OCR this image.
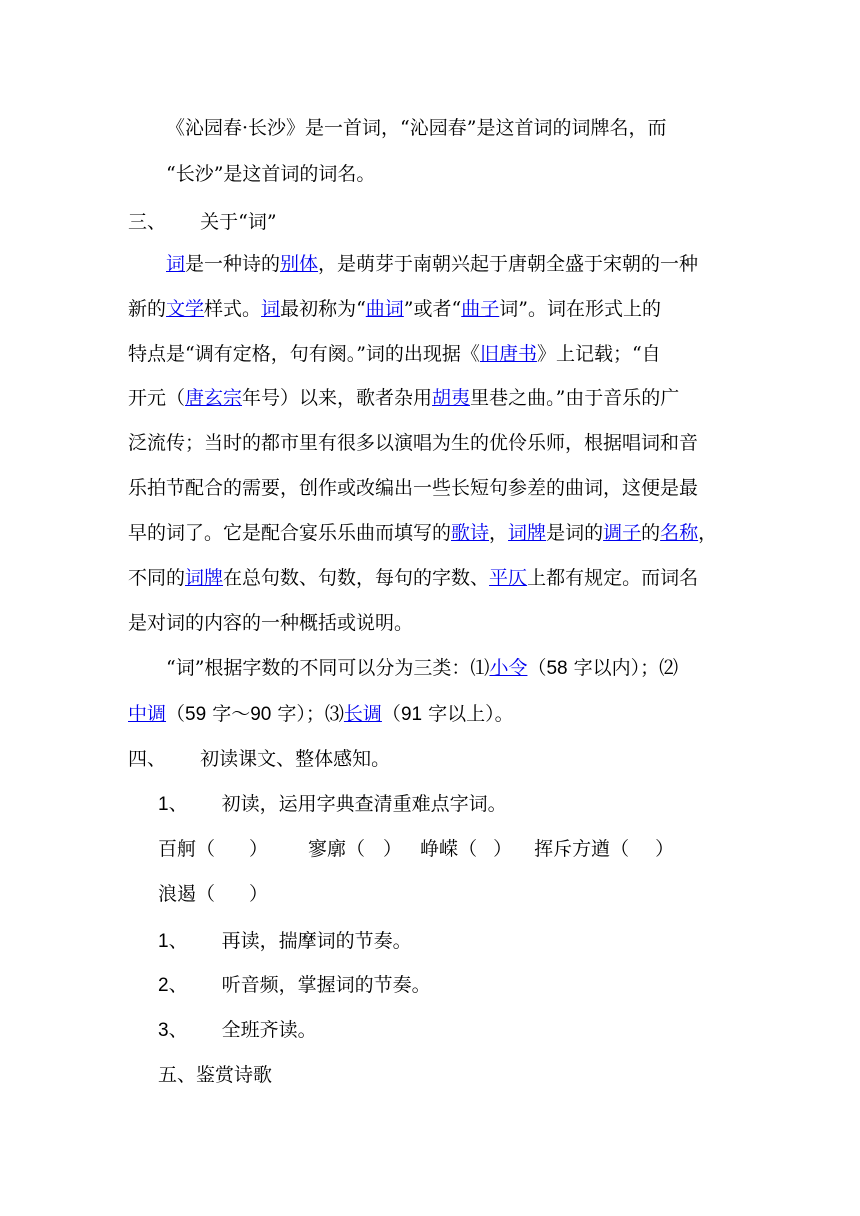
《沁园春·长沙》是一首词，“沁园春”是这首词的词牌名，而
“长沙”是这首词的词名。
三、 关于“词”
词是一种诗的别体，是萌芽于南朝兴起于唐朝全盛于宋朝的一种
新的文学样式。词最初称为“曲词”或者“曲子词”。词在形式上的
特点是“调有定格，句有阕。”词的出现据《旧唐书》上记载；“自
开元（唐玄宗年号）以来，歌者杂用胡夷里巷之曲。”由于音乐的广
泛流传；当时的都市里有很多以演唱为生的优伶乐师，根据唱词和音
乐拍节配合的需要，创作或改编出一些长短句参差的曲词，这便是最
早的词了。它是配合宴乐乐曲而填写的歌诗，词牌是词的调子的名称，
不同的词牌在总句数、句数，每句的字数、平仄上都有规定。而词名
是对词的内容的一种概括或说明。
“词”根据字数的不同可以分为三类：⑴小令（58 字以内）；⑵
中调（59 字～90 字）；⑶长调（91 字以上）。
四、 初读课文、整体感知。
1、 初读，运用字典查清重难点字词。
百舸（ ） 寥廓（ ） 峥嵘（ ） 挥斥方遒（ ）
浪遏（ ）
1、 再读，揣摩词的节奏。
2、 听音频，掌握词的节奏。
3、 全班齐读。
五、鉴赏诗歌
